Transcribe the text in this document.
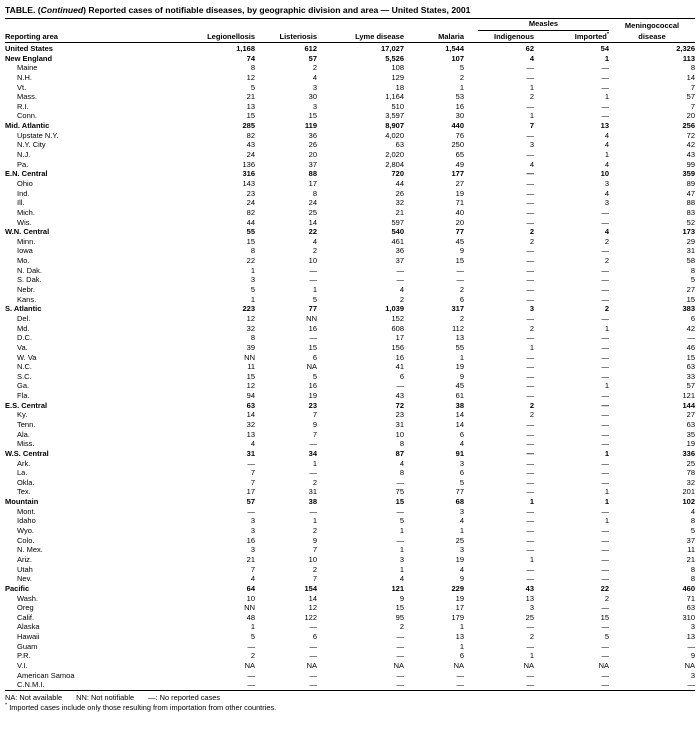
TABLE. (Continued) Reported cases of notifiable diseases, by geographic division and area — United States, 2001

					Measles		Meningococcal
Reporting area	Legionellosis	Listeriosis	Lyme disease	Malaria	Indigenous	Imported*	disease

United States	1,168	612	17,027	1,544	62	54	2,326
New England	74	57	5,526	107	4	1	113
Maine	8	2	108	5	—	—	8
N.H.	12	4	129	2	—	—	14
Vt.	5	3	18	1	1	—	7
Mass.	21	30	1,164	53	2	1	57
R.I.	13	3	510	16	—	—	7
Conn.	15	15	3,597	30	1	—	20
Mid. Atlantic	285	119	8,907	440	7	13	256
Upstate N.Y.	82	36	4,020	76	—	4	72
N.Y. City	43	26	63	250	3	4	42
N.J.	24	20	2,020	65	—	1	43
Pa.	136	37	2,804	49	4	4	99
E.N. Central	316	88	720	177	—	10	359
Ohio	143	17	44	27	—	3	89
Ind.	23	8	26	19	—	4	47
Ill.	24	24	32	71	—	3	88
Mich.	82	25	21	40	—	—	83
Wis.	44	14	597	20	—	—	52
W.N. Central	55	22	540	77	2	4	173
Minn.	15	4	461	45	2	2	29
Iowa	8	2	36	9	—	—	31
Mo.	22	10	37	15	—	2	58
N. Dak.	1	—	—	—	—	—	8
S. Dak.	3	—	—	—	—	—	5
Nebr.	5	1	4	2	—	—	27
Kans.	1	5	2	6	—	—	15
S. Atlantic	223	77	1,039	317	3	2	383
Del.	12	NN	152	2	—	—	6
Md.	32	16	608	112	2	1	42
D.C.	8	—	17	13	—	—	—
Va.	39	15	156	55	1	—	46
W. Va	NN	6	16	1	—	—	15
N.C.	11	NA	41	19	—	—	63
S.C.	15	5	6	9	—	—	33
Ga.	12	16	—	45	—	1	57
Fla.	94	19	43	61	—	—	121
E.S. Central	63	23	72	38	2	—	144
Ky.	14	7	23	14	2	—	27
Tenn.	32	9	31	14	—	—	63
Ala.	13	7	10	6	—	—	35
Miss.	4	—	8	4	—	—	19
W.S. Central	31	34	87	91	—	1	336
Ark.	—	1	4	3	—	—	25
La.	7	—	8	6	—	—	78
Okla.	7	2	—	5	—	—	32
Tex.	17	31	75	77	—	1	201
Mountain	57	38	15	68	1	1	102
Mont.	—	—	—	3	—	—	4
Idaho	3	1	5	4	—	1	8
Wyo.	3	2	1	1	—	—	5
Colo.	16	9	—	25	—	—	37
N. Mex.	3	7	1	3	—	—	11
Ariz.	21	10	3	19	1	—	21
Utah	7	2	1	4	—	—	8
Nev.	4	7	4	9	—	—	8
Pacific	64	154	121	229	43	22	460
Wash.	10	14	9	19	13	2	71
Oreg	NN	12	15	17	3	—	63
Calif.	48	122	95	179	25	15	310
Alaska	1	—	2	1	—	—	3
Hawaii	5	6	—	13	2	5	13
Guam	—	—	—	1	—	—	—
P.R.	2	—	—	6	1	—	9
V.I.	NA	NA	NA	NA	NA	NA	NA
American Samoa	—	—	—	—	—	—	3
C.N.M.I.	—	—	—	—	—	—	—
NA: Not available NN: Not notifiable —: No reported cases
* Imported cases include only those resulting from importation from other countries.
